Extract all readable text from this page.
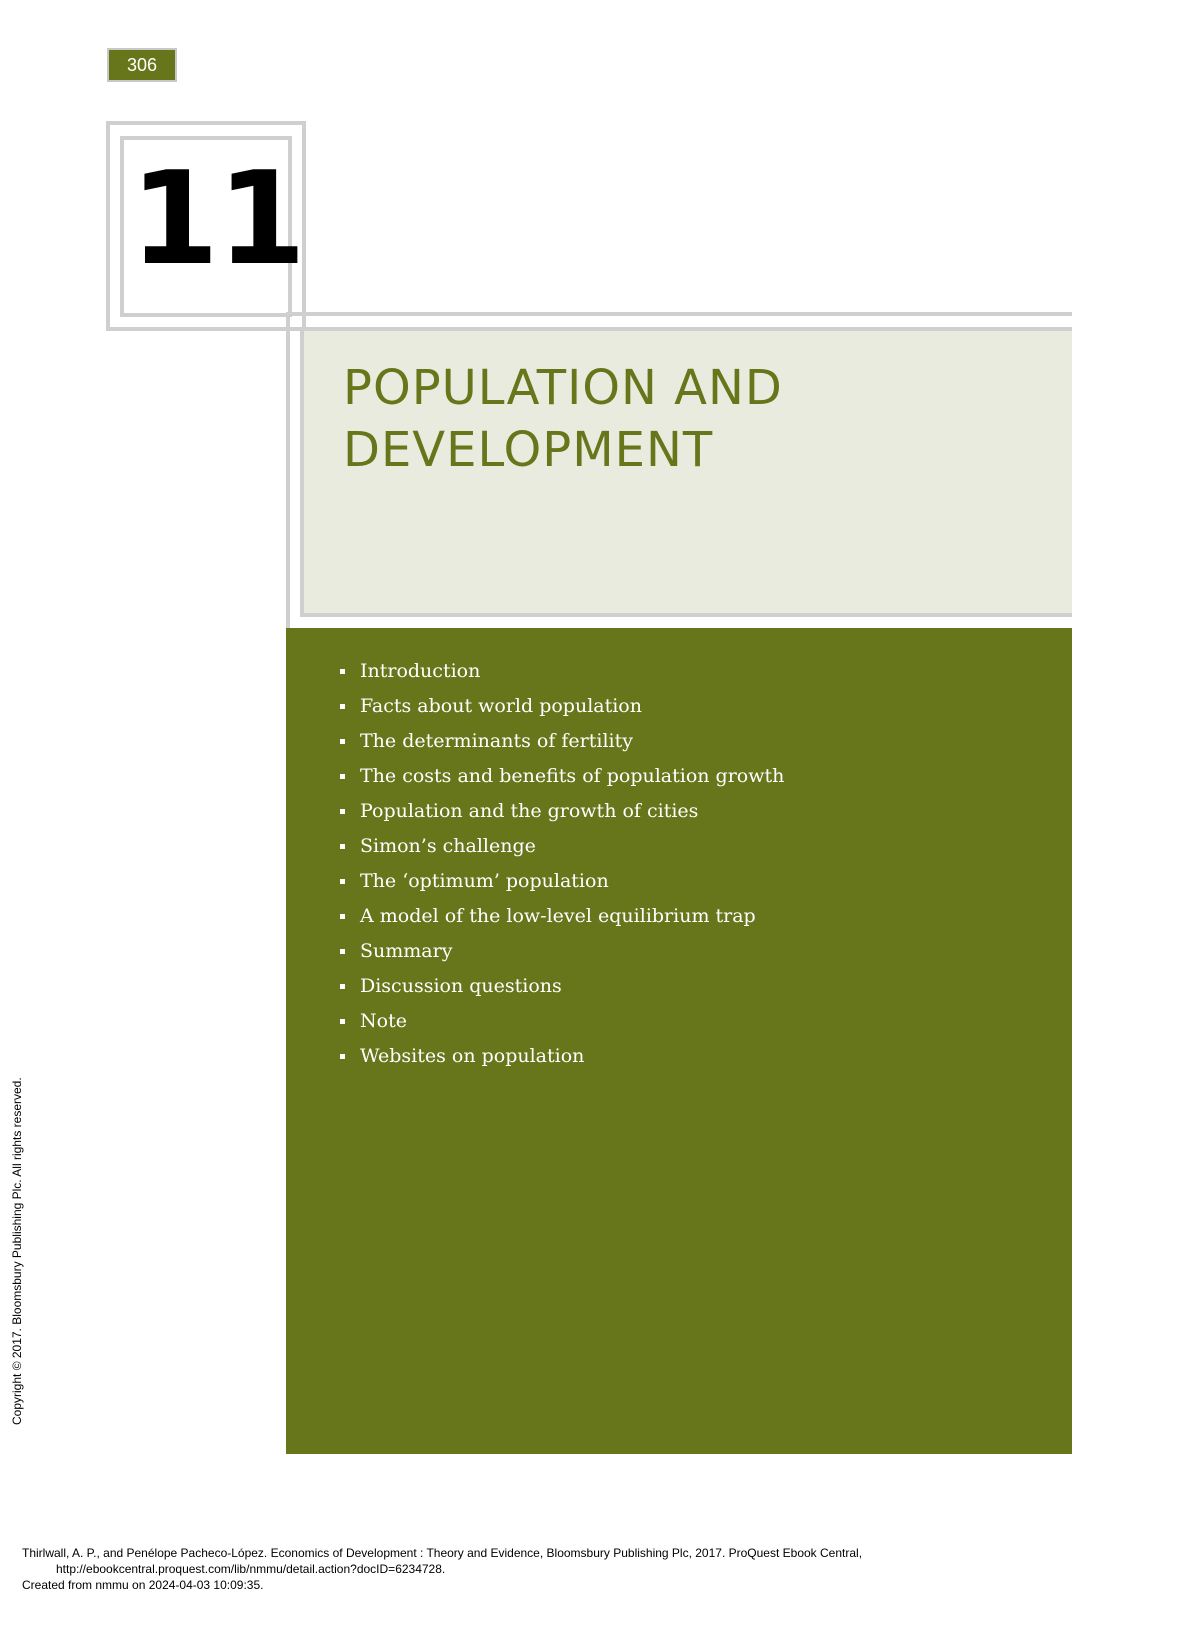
306
11
POPULATION AND DEVELOPMENT
Introduction
Facts about world population
The determinants of fertility
The costs and benefits of population growth
Population and the growth of cities
Simon’s challenge
The ‘optimum’ population
A model of the low-level equilibrium trap
Summary
Discussion questions
Note
Websites on population
Copyright © 2017. Bloomsbury Publishing Plc. All rights reserved.
Thirlwall, A. P., and Penélope Pacheco-López. Economics of Development : Theory and Evidence, Bloomsbury Publishing Plc, 2017. ProQuest Ebook Central,
http://ebookcentral.proquest.com/lib/nmmu/detail.action?docID=6234728.
Created from nmmu on 2024-04-03 10:09:35.
